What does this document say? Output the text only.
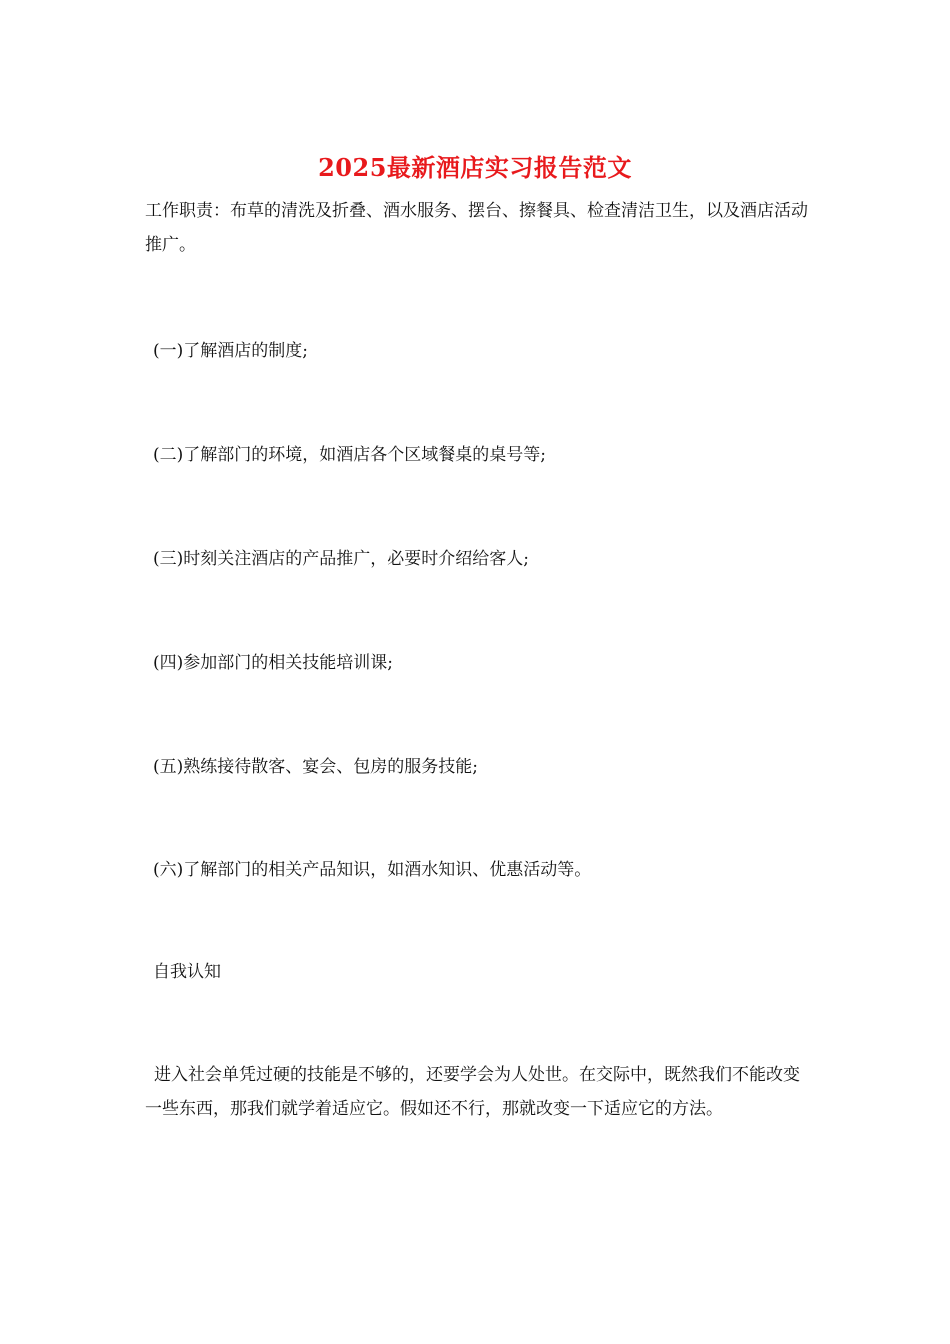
2025最新酒店实习报告范文

工作职责：布草的清洗及折叠、酒水服务、摆台、擦餐具、检查清洁卫生，以及酒店活动推广。

(一)了解酒店的制度;

(二)了解部门的环境，如酒店各个区域餐桌的桌号等;

(三)时刻关注酒店的产品推广，必要时介绍给客人;

(四)参加部门的相关技能培训课;

(五)熟练接待散客、宴会、包房的服务技能;

(六)了解部门的相关产品知识，如酒水知识、优惠活动等。

自我认知

进入社会单凭过硬的技能是不够的，还要学会为人处世。在交际中，既然我们不能改变一些东西，那我们就学着适应它。假如还不行，那就改变一下适应它的方法。
